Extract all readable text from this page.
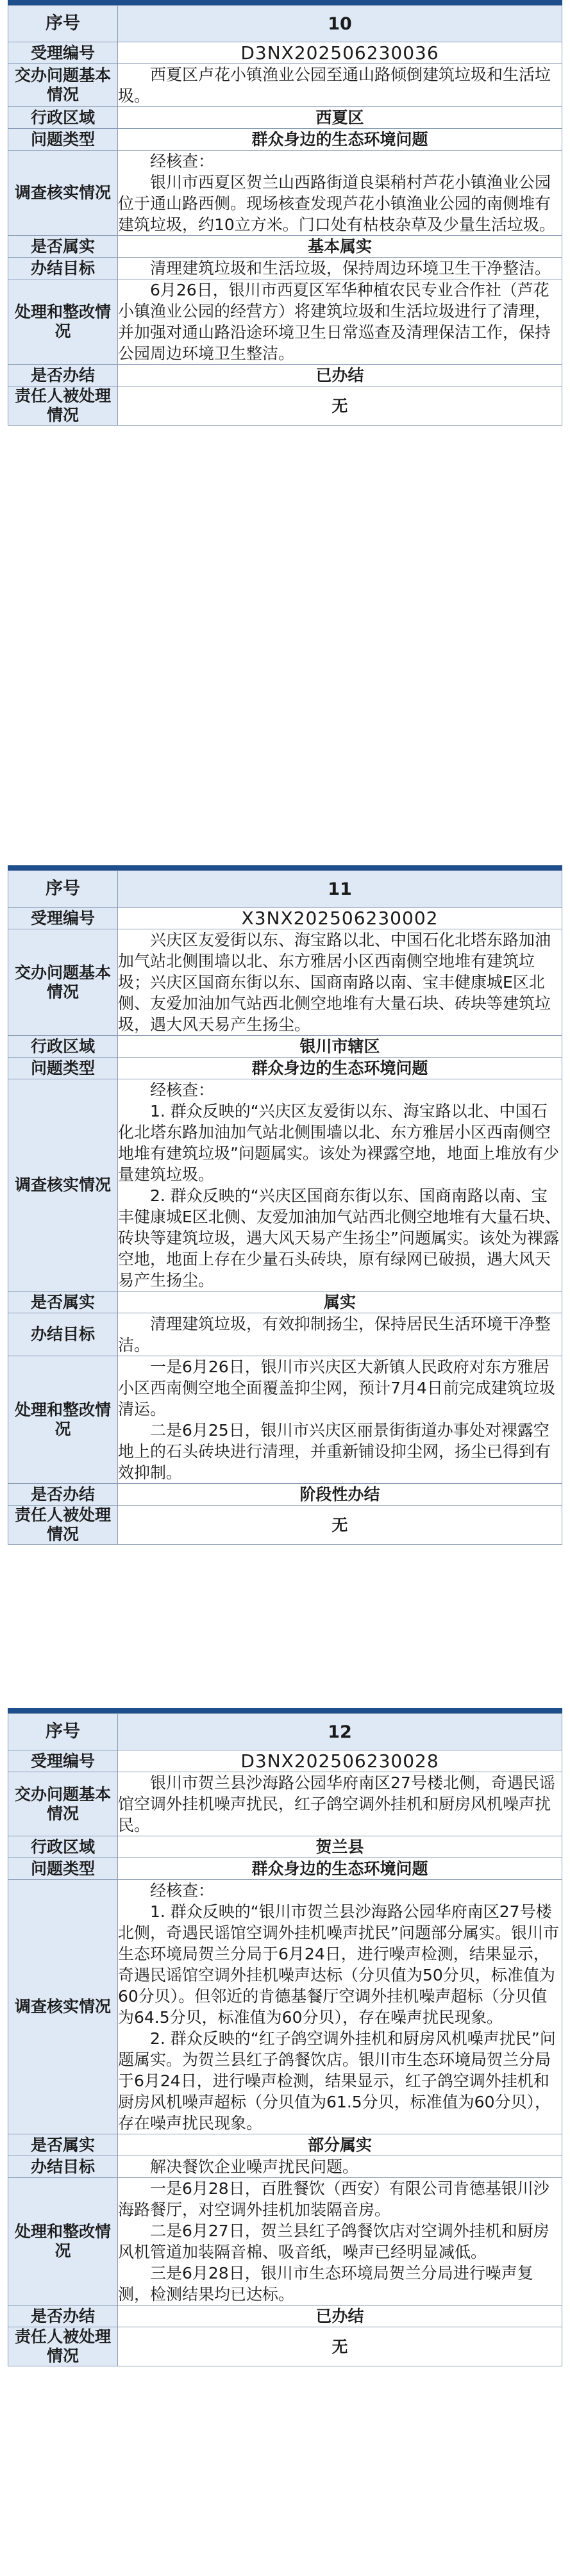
序号	10
受理编号	D3NX202506230036
交办问题基本情况	西夏区卢花小镇渔业公园至通山路倾倒建筑垃圾和生活垃圾。

行政区域	西夏区
问题类型	群众身边的生态环境问题
调查核实情况	经核查：

银川市西夏区贺兰山西路街道良渠稍村芦花小镇渔业公园位于通山路西侧。现场核查发现芦花小镇渔业公园的南侧堆有建筑垃圾，约10立方米。门口处有枯枝杂草及少量生活垃圾。

是否属实	基本属实
办结目标	清理建筑垃圾和生活垃圾，保持周边环境卫生干净整洁。

处理和整改情况	6月26日，银川市西夏区军华种植农民专业合作社（芦花小镇渔业公园的经营方）将建筑垃圾和生活垃圾进行了清理，并加强对通山路沿途环境卫生日常巡查及清理保洁工作，保持公园周边环境卫生整洁。

是否办结	已办结
责任人被处理情况	无
序号	11
受理编号	X3NX202506230002
交办问题基本情况	兴庆区友爱街以东、海宝路以北、中国石化北塔东路加油加气站北侧围墙以北、东方雅居小区西南侧空地堆有建筑垃圾；兴庆区国商东街以东、国商南路以南、宝丰健康城E区北侧、友爱加油加气站西北侧空地堆有大量石块、砖块等建筑垃圾，遇大风天易产生扬尘。

行政区域	银川市辖区
问题类型	群众身边的生态环境问题
调查核实情况	经核查：

1. 群众反映的“兴庆区友爱街以东、海宝路以北、中国石化北塔东路加油加气站北侧围墙以北、东方雅居小区西南侧空地堆有建筑垃圾”问题属实。该处为裸露空地，地面上堆放有少量建筑垃圾。

2. 群众反映的“兴庆区国商东街以东、国商南路以南、宝丰健康城E区北侧、友爱加油加气站西北侧空地堆有大量石块、砖块等建筑垃圾，遇大风天易产生扬尘”问题属实。该处为裸露空地，地面上存在少量石头砖块，原有绿网已破损，遇大风天易产生扬尘。

是否属实	属实
办结目标	清理建筑垃圾，有效抑制扬尘，保持居民生活环境干净整洁。

处理和整改情况	一是6月26日，银川市兴庆区大新镇人民政府对东方雅居小区西南侧空地全面覆盖抑尘网，预计7月4日前完成建筑垃圾清运。

二是6月25日，银川市兴庆区丽景街街道办事处对裸露空地上的石头砖块进行清理，并重新铺设抑尘网，扬尘已得到有效抑制。

是否办结	阶段性办结
责任人被处理情况	无
序号	12
受理编号	D3NX202506230028
交办问题基本情况	银川市贺兰县沙海路公园华府南区27号楼北侧，奇遇民谣馆空调外挂机噪声扰民，红子鸽空调外挂机和厨房风机噪声扰民。

行政区域	贺兰县
问题类型	群众身边的生态环境问题
调查核实情况	经核查：

1. 群众反映的“银川市贺兰县沙海路公园华府南区27号楼北侧，奇遇民谣馆空调外挂机噪声扰民”问题部分属实。银川市生态环境局贺兰分局于6月24日，进行噪声检测，结果显示，奇遇民谣馆空调外挂机噪声达标（分贝值为50分贝，标准值为60分贝）。但邻近的肯德基餐厅空调外挂机噪声超标（分贝值为64.5分贝，标准值为60分贝），存在噪声扰民现象。

2. 群众反映的“红子鸽空调外挂机和厨房风机噪声扰民”问题属实。为贺兰县红子鸽餐饮店。银川市生态环境局贺兰分局于6月24日，进行噪声检测，结果显示，红子鸽空调外挂机和厨房风机噪声超标（分贝值为61.5分贝，标准值为60分贝），存在噪声扰民现象。

是否属实	部分属实
办结目标	解决餐饮企业噪声扰民问题。

处理和整改情况	一是6月28日，百胜餐饮（西安）有限公司肯德基银川沙海路餐厅，对空调外挂机加装隔音房。

二是6月27日，贺兰县红子鸽餐饮店对空调外挂机和厨房风机管道加装隔音棉、吸音纸，噪声已经明显减低。

三是6月28日，银川市生态环境局贺兰分局进行噪声复测，检测结果均已达标。

是否办结	已办结
责任人被处理情况	无
